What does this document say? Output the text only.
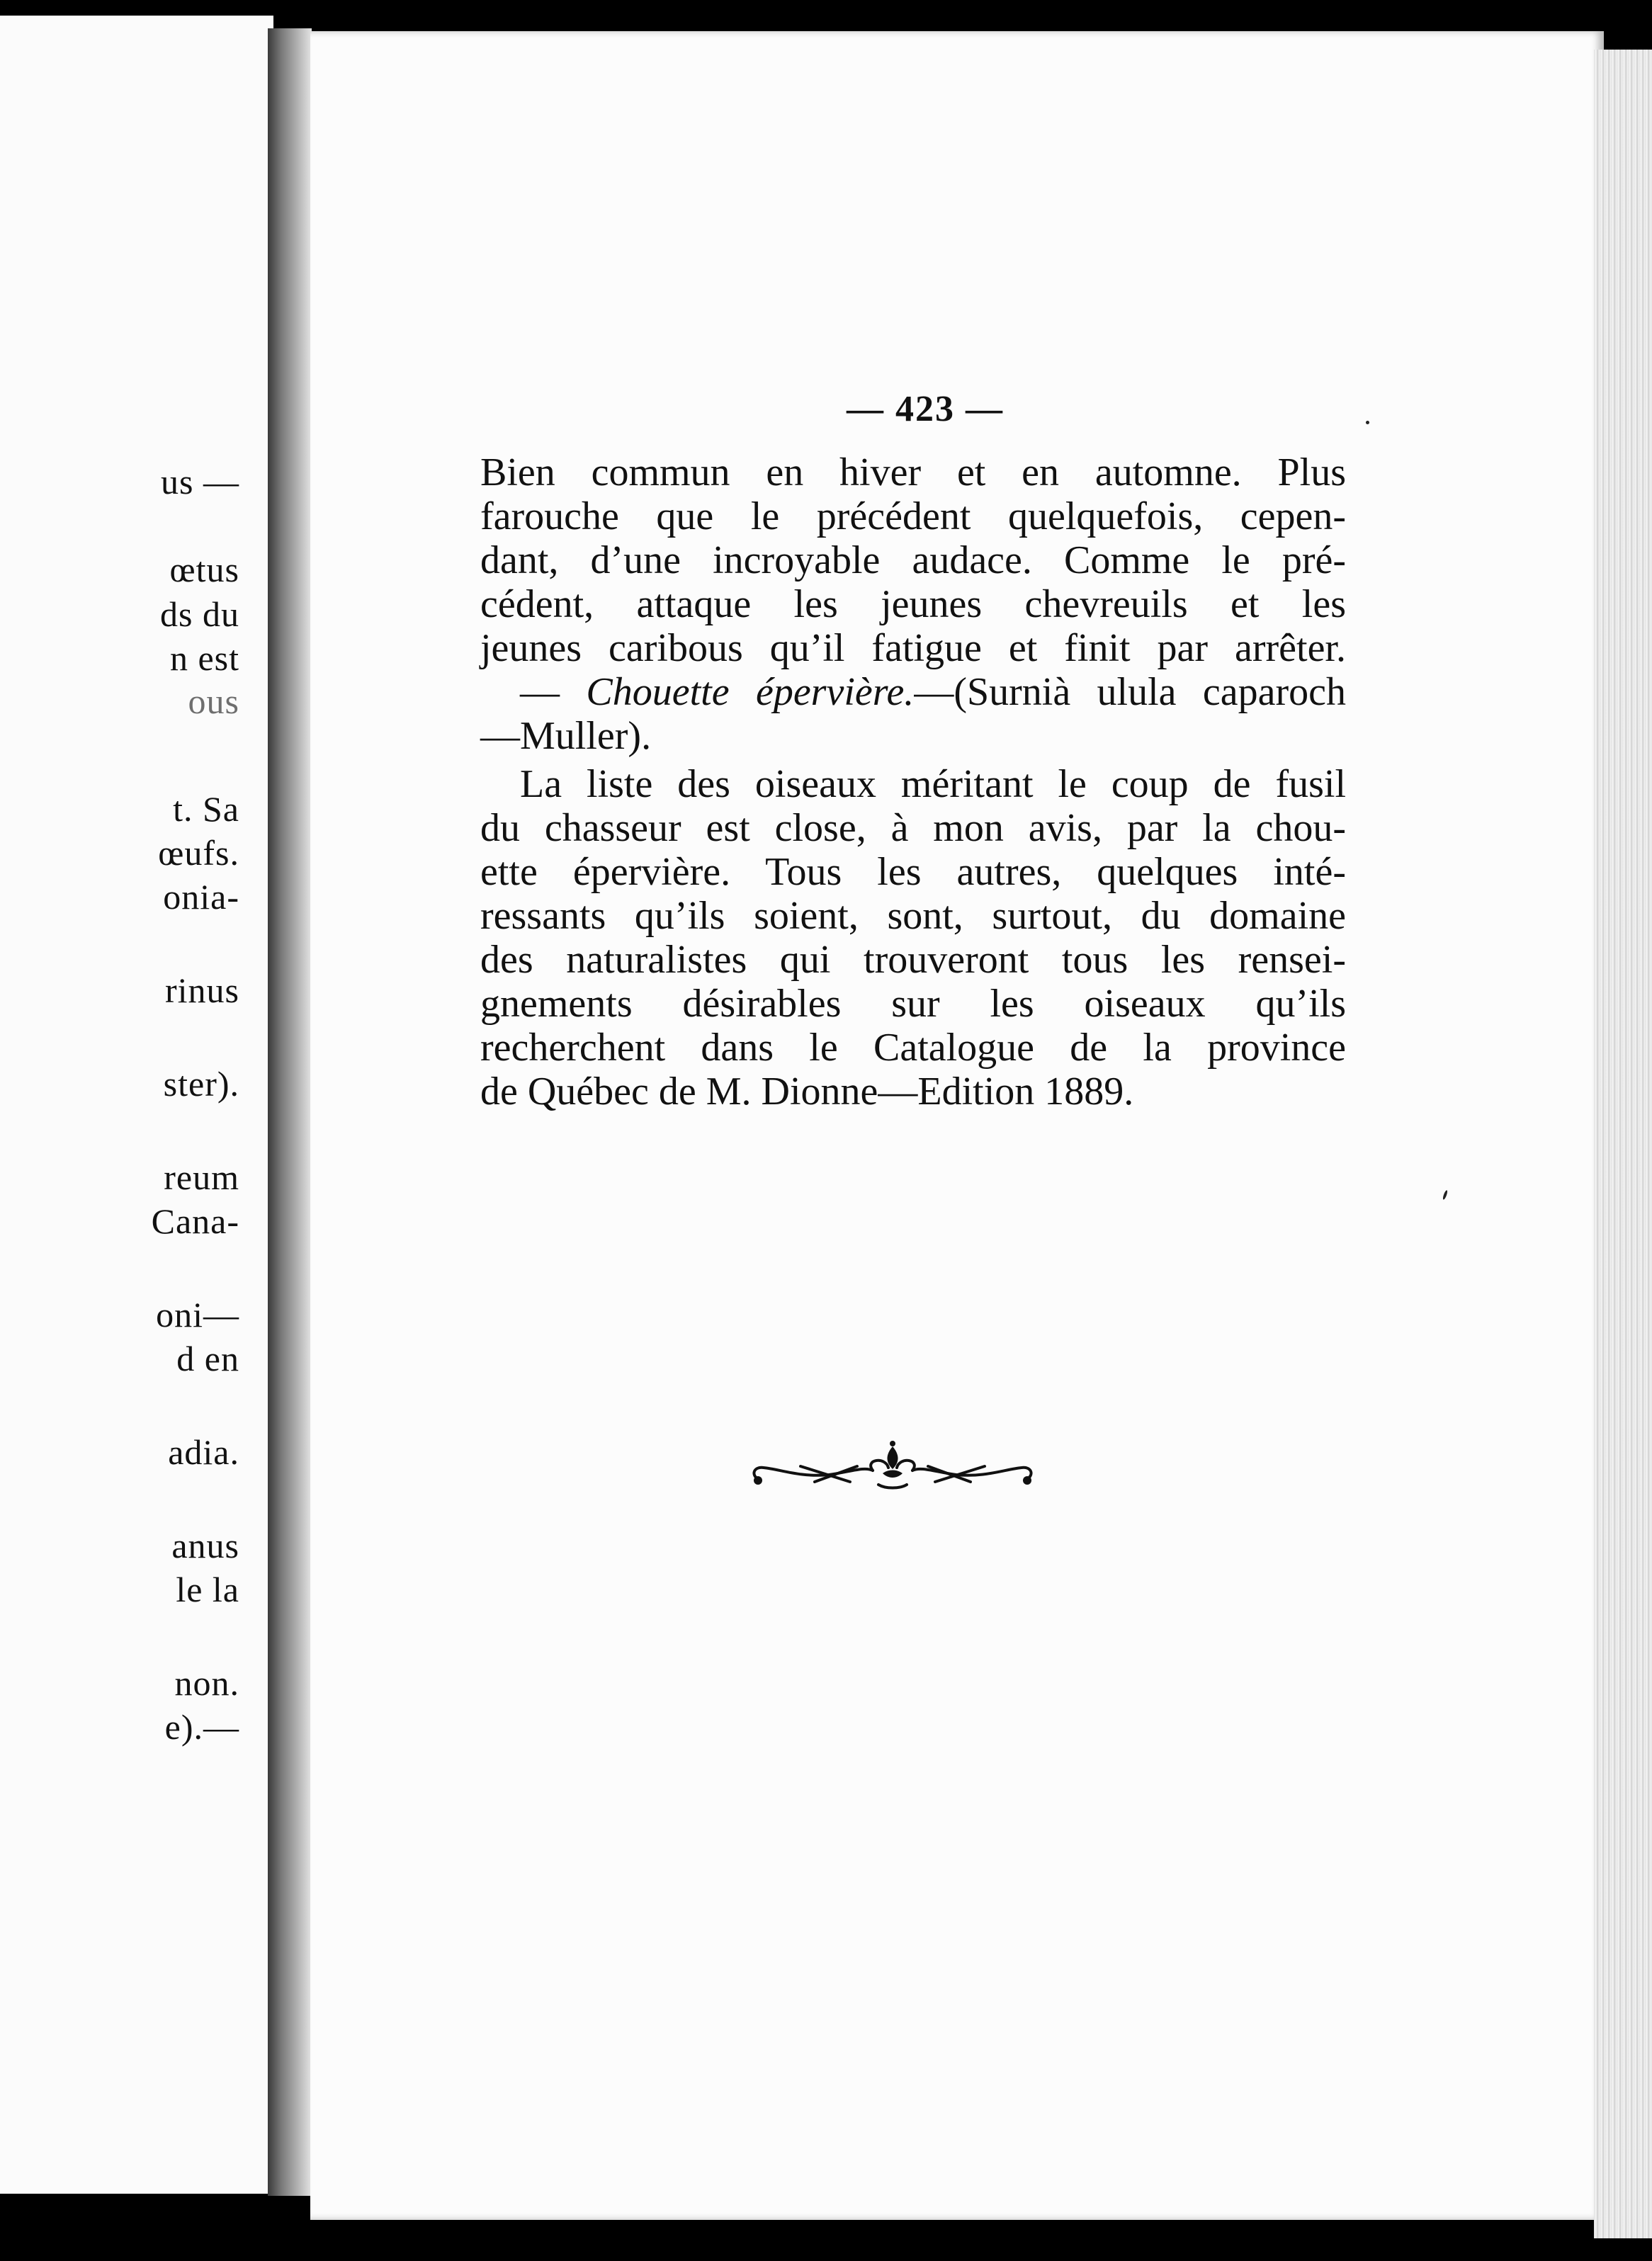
us —
œtus
ds du
n est
ous
t. Sa
œufs.
onia-
rinus
ster).
reum
Cana-
oni—
d en
adia.
anus
le la
non.
e).—
— 423 —

Bien commun en hiver et en automne. Plus
farouche que le précédent quelquefois, cepen-
dant, d’une incroyable audace. Comme le pré-
cédent, attaque les jeunes chevreuils et les
jeunes caribous qu’il fatigue et finit par arrêter.

— Chouette épervière.—(Surnià ulula caparoch

—Muller).

La liste des oiseaux méritant le coup de fusil
du chasseur est close, à mon avis, par la chou-
ette épervière. Tous les autres, quelques inté-
ressants qu’ils soient, sont, surtout, du domaine
des naturalistes qui trouveront tous les rensei-
gnements désirables sur les oiseaux qu’ils
recherchent dans le Catalogue de la province
de Québec de M. Dionne—Edition 1889.
